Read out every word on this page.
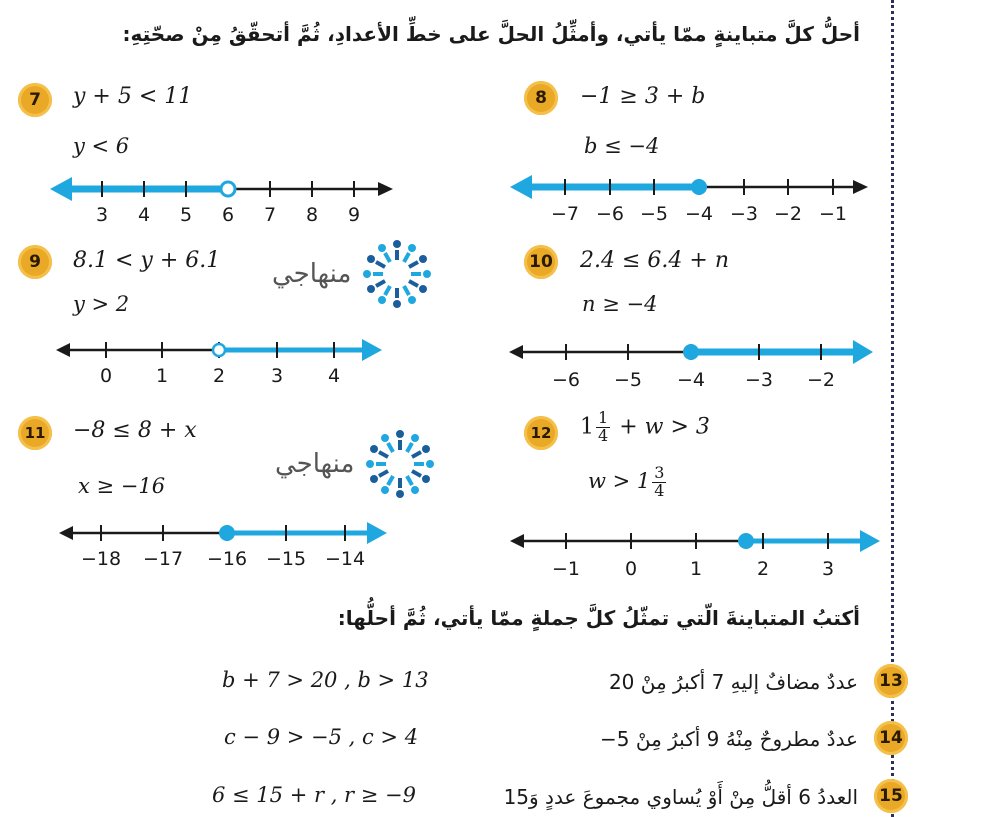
أحلُّ كلَّ متباينةٍ ممّا يأتي، وأمثِّلُ الحلَّ على خطِّ الأعدادِ، ثُمَّ أتحقّقُ مِنْ صحّتِهِ:
7	y + 5 < 11
y < 6
3 4 5 6 7 8 9
8	−1 ≥ 3 + b
b ≤ −4
−7 −6 −5 −4 −3 −2 −1
9	8.1 < y + 6.1
y > 2
0 1 2 3 4
منهاجي	10 2.4 ≤ 6.4 + n
n ≥ −4
−6 −5 −4 −3 −2
11 −8 ≤ 8 + x
x ≥ −16
−18 −17 −16 −15 −14
منهاجي
12 $1 \frac{1}{4} + w > 3$
$w > 1 \frac{3}{4}$
−1 0	1	2	3
أكتبُ المتباينةَ الّتي تمثّلُ كلَّ جملةٍ ممّا يأتي، ثُمَّ أحلُّها:
13
عددٌ مضافٌ إليهِ 7 أكبرُ مِنْ 20
b + 7 > 20 , b > 13
14
عددٌ مطروحٌ مِنْهُ 9 أكبرُ مِنْ 5−
c − 9 > −5 , c > 4
15
العددُ 6 أقلُّ مِنْ أَوْ يُساوي مجموعَ عددٍ وَ15
6 ≤ 15 + r , r ≥ −9
